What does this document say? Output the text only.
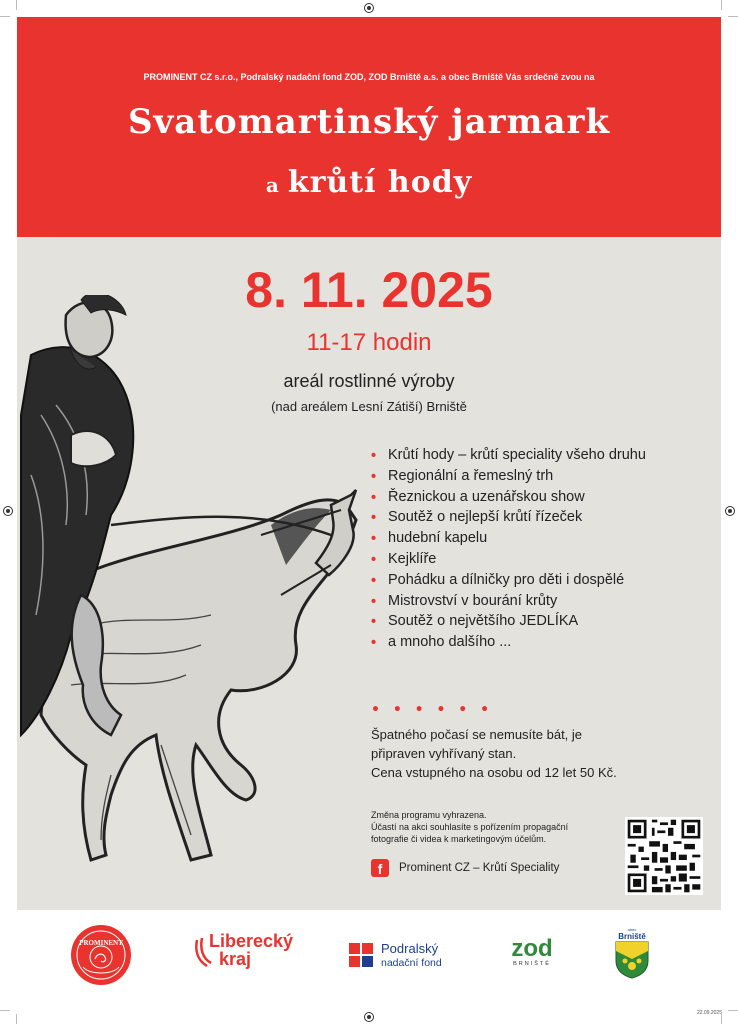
PROMINENT CZ s.r.o., Podralský nadační fond ZOD, ZOD Brniště a.s. a obec Brniště Vás srdečně zvou na
Svatomartinský jarmark
a krůtí hody
8. 11. 2025
11-17 hodin
areál rostlinné výroby
(nad areálem Lesní Zátiší) Brniště
• Krůtí hody – krůtí speciality všeho druhu
• Regionální a řemeslný trh
• Řeznickou a uzenářskou show
• Soutěž o nejlepší krůtí řízeček
• hudební kapelu
• Kejklíře
• Pohádku a dílničky pro děti i dospělé
• Mistrovství v bourání krůty
• Soutěž o největšího JEDLÍKA
• a mnoho dalšího ...
• • • • • •
Špatného počasí se nemusíte bát, je
připraven vyhřívaný stan.
Cena vstupného na osobu od 12 let 50 Kč.
Změna programu vyhrazena.
Účastí na akci souhlasíte s pořízením propagační
fotografie či videa k marketingovým účelům.
f	Prominent CZ – Krůtí Speciality
PROMINENT	Liberecký
kraj
Podralský
nadační fond
zod
BRNIŠTĚ
obec
Brniště
22.09.2025
